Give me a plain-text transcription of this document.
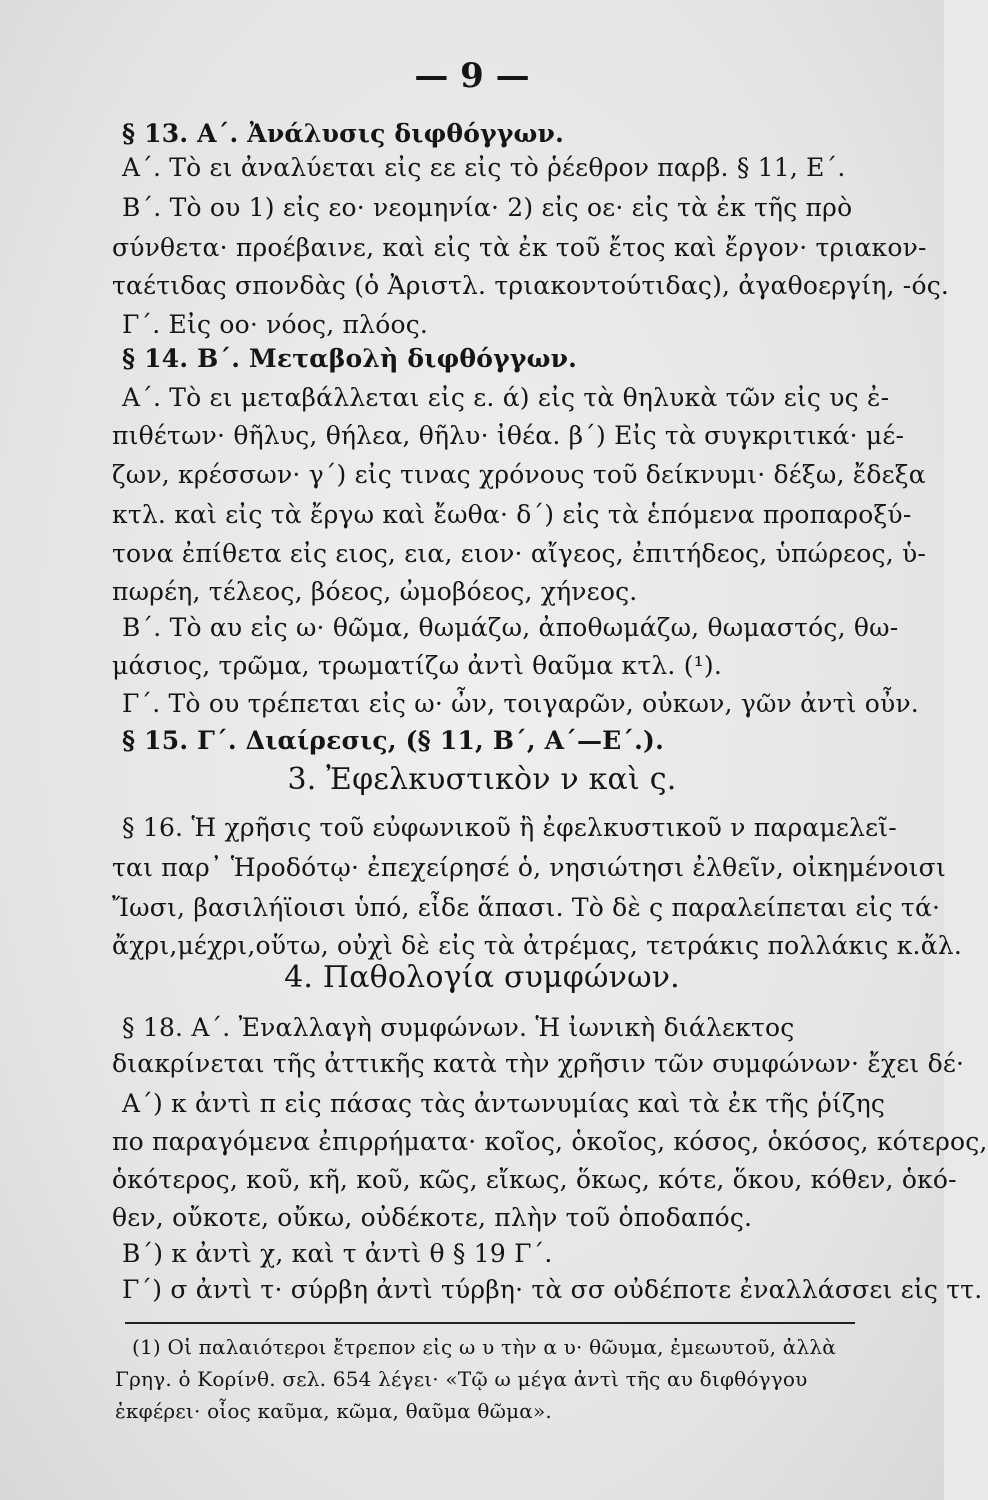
— 9 —
§ 13. Α΄. Ἀνάλυσις διφθόγγων.
Α΄. Τὸ ει ἀναλύεται εἰς εε εἰς τὸ ῥέεθρον παρβ. § 11, Ε΄.
Β΄. Τὸ ου 1) εἰς εο· νεομηνία· 2) εἰς οε· εἰς τὰ ἐκ τῆς πρὸ
σύνθετα· προέβαινε, καὶ εἰς τὰ ἐκ τοῦ ἔτος καὶ ἔργον· τριακον-
ταέτιδας σπονδὰς (ὁ Ἀριστλ. τριακοντούτιδας), ἀγαθοεργίη, -ός.
Γ΄. Εἰς οο· νόος, πλόος.
§ 14. Β΄. Μεταβολὴ διφθόγγων.
Α΄. Τὸ ει μεταβάλλεται εἰς ε. ά) εἰς τὰ θηλυκὰ τῶν εἰς υς ἐ-
πιθέτων· θῆλυς, θήλεα, θῆλυ· ἰθέα. β΄) Εἰς τὰ συγκριτικά· μέ-
ζων, κρέσσων· γ΄) εἰς τινας χρόνους τοῦ δείκνυμι· δέξω, ἔδεξα
κτλ. καὶ εἰς τὰ ἔργω καὶ ἔωθα· δ΄) εἰς τὰ ἑπόμενα προπαροξύ-
τονα ἐπίθετα εἰς ειος, εια, ειον· αἴγεος, ἐπιτήδεος, ὑπώρεος, ὑ-
πωρέη, τέλεος, βόεος, ὠμοβόεος, χήνεος.
Β΄. Τὸ αυ εἰς ω· θῶμα, θωμάζω, ἀποθωμάζω, θωμαστός, θω-
μάσιος, τρῶμα, τρωματίζω ἀντὶ θαῦμα κτλ. (¹).
Γ΄. Τὸ ου τρέπεται εἰς ω· ὦν, τοιγαρῶν, οὐκων, γῶν ἀντὶ οὖν.
§ 15. Γ΄. Διαίρεσις, (§ 11, Β΄, Α΄—Ε΄.).
3. Ἐφελκυστικὸν ν καὶ ς.
§ 16. Ἡ χρῆσις τοῦ εὐφωνικοῦ ἢ ἐφελκυστικοῦ ν παραμελεῖ-
ται παρ᾽ Ἡροδότῳ· ἐπεχείρησέ ὁ, νησιώτησι ἐλθεῖν, οἰκημένοισι
Ἴωσι, βασιλήϊοισι ὑπό, εἶδε ἅπασι. Τὸ δὲ ς παραλείπεται εἰς τά·
ἄχρι,μέχρι,οὕτω, οὐχὶ δὲ εἰς τὰ ἀτρέμας, τετράκις πολλάκις κ.ἄλ.
4. Παθολογία συμφώνων.
§ 18. Α΄. Ἐναλλαγὴ συμφώνων. Ἡ ἰωνικὴ διάλεκτος
διακρίνεται τῆς ἀττικῆς κατὰ τὴν χρῆσιν τῶν συμφώνων· ἔχει δέ·
Α΄) κ ἀντὶ π εἰς πάσας τὰς ἀντωνυμίας καὶ τὰ ἐκ τῆς ῥίζης
πο παραγόμενα ἐπιρρήματα· κοῖος, ὁκοῖος, κόσος, ὁκόσος, κότερος,
ὁκότερος, κοῦ, κῆ, κοῦ, κῶς, εἴκως, ὅκως, κότε, ὅκου, κόθεν, ὁκό-
θεν, οὔκοτε, οὔκω, οὐδέκοτε, πλὴν τοῦ ὁποδαπός.
Β΄) κ ἀντὶ χ, καὶ τ ἀντὶ θ § 19 Γ΄.
Γ΄) σ ἀντὶ τ· σύρβη ἀντὶ τύρβη· τὰ σσ οὐδέποτε ἐναλλάσσει εἰς ττ.
(1) Οἱ παλαιότεροι ἔτρεπον εἰς ω υ τὴν α υ· θῶυμα, ἐμεωυτοῦ, ἀλλὰ
Γρηγ. ὁ Κορίνθ. σελ. 654 λέγει· «Τῷ ω μέγα ἀντὶ τῆς αυ διφθόγγου
ἐκφέρει· οἷος καῦμα, κῶμα, θαῦμα θῶμα».
